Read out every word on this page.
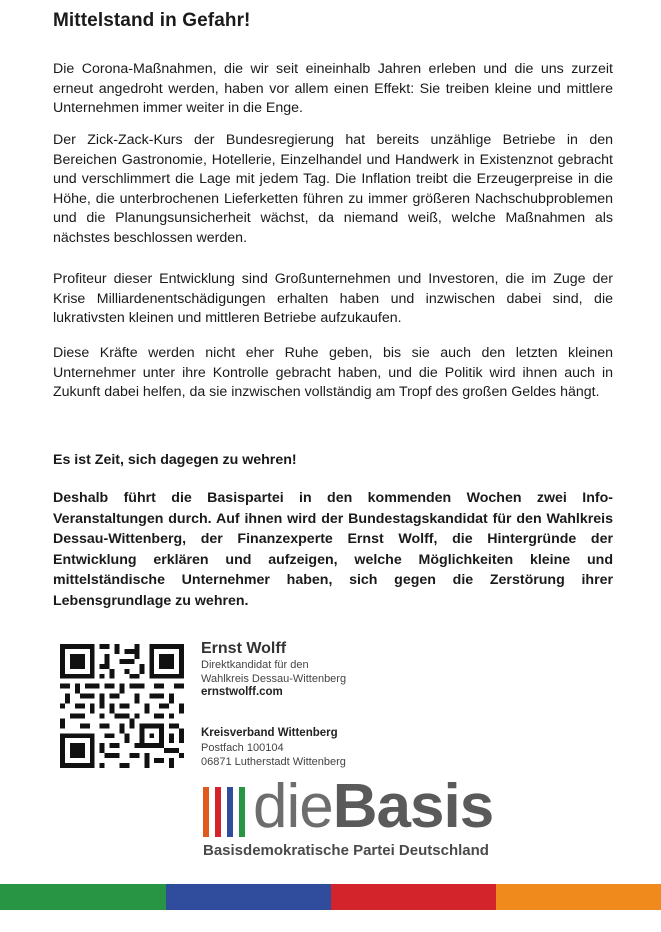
Mittelstand in Gefahr!

Die Corona-Maßnahmen, die wir seit eineinhalb Jahren erleben und die uns zurzeit erneut angedroht werden, haben vor allem einen Effekt: Sie treiben kleine und mittlere Unternehmen immer weiter in die Enge.

Der Zick-Zack-Kurs der Bundesregierung hat bereits unzählige Betriebe in den Bereichen Gastronomie, Hotellerie, Einzelhandel und Handwerk in Existenznot gebracht und verschlimmert die Lage mit jedem Tag. Die Inflation treibt die Erzeugerpreise in die Höhe, die unterbrochenen Lieferketten führen zu immer größeren Nachschubproblemen und die Planungsunsicherheit wächst, da niemand weiß, welche Maßnahmen als nächstes beschlossen werden.

Profiteur dieser Entwicklung sind Großunternehmen und Investoren, die im Zuge der Krise Milliardenentschädigungen erhalten haben und inzwischen dabei sind, die lukrativsten kleinen und mittleren Betriebe aufzukaufen.

Diese Kräfte werden nicht eher Ruhe geben, bis sie auch den letzten kleinen Unternehmer unter ihre Kontrolle gebracht haben, und die Politik wird ihnen auch in Zukunft dabei helfen, da sie inzwischen vollständig am Tropf des großen Geldes hängt.

Es ist Zeit, sich dagegen zu wehren!

Deshalb führt die Basispartei in den kommenden Wochen zwei Info-Veranstaltungen durch. Auf ihnen wird der Bundestagskandidat für den Wahlkreis Dessau-Wittenberg, der Finanzexperte Ernst Wolff, die Hintergründe der Entwicklung erklären und aufzeigen, welche Möglichkeiten kleine und mittelständische Unternehmer haben, sich gegen die Zerstörung ihrer Lebensgrundlage zu wehren.

Ernst Wolff
Direktkandidat für den
Wahlkreis Dessau-Wittenberg
ernstwolff.com
Kreisverband Wittenberg
Postfach 100104
06871 Lutherstadt Wittenberg
dieBasis
Basisdemokratische Partei Deutschland
